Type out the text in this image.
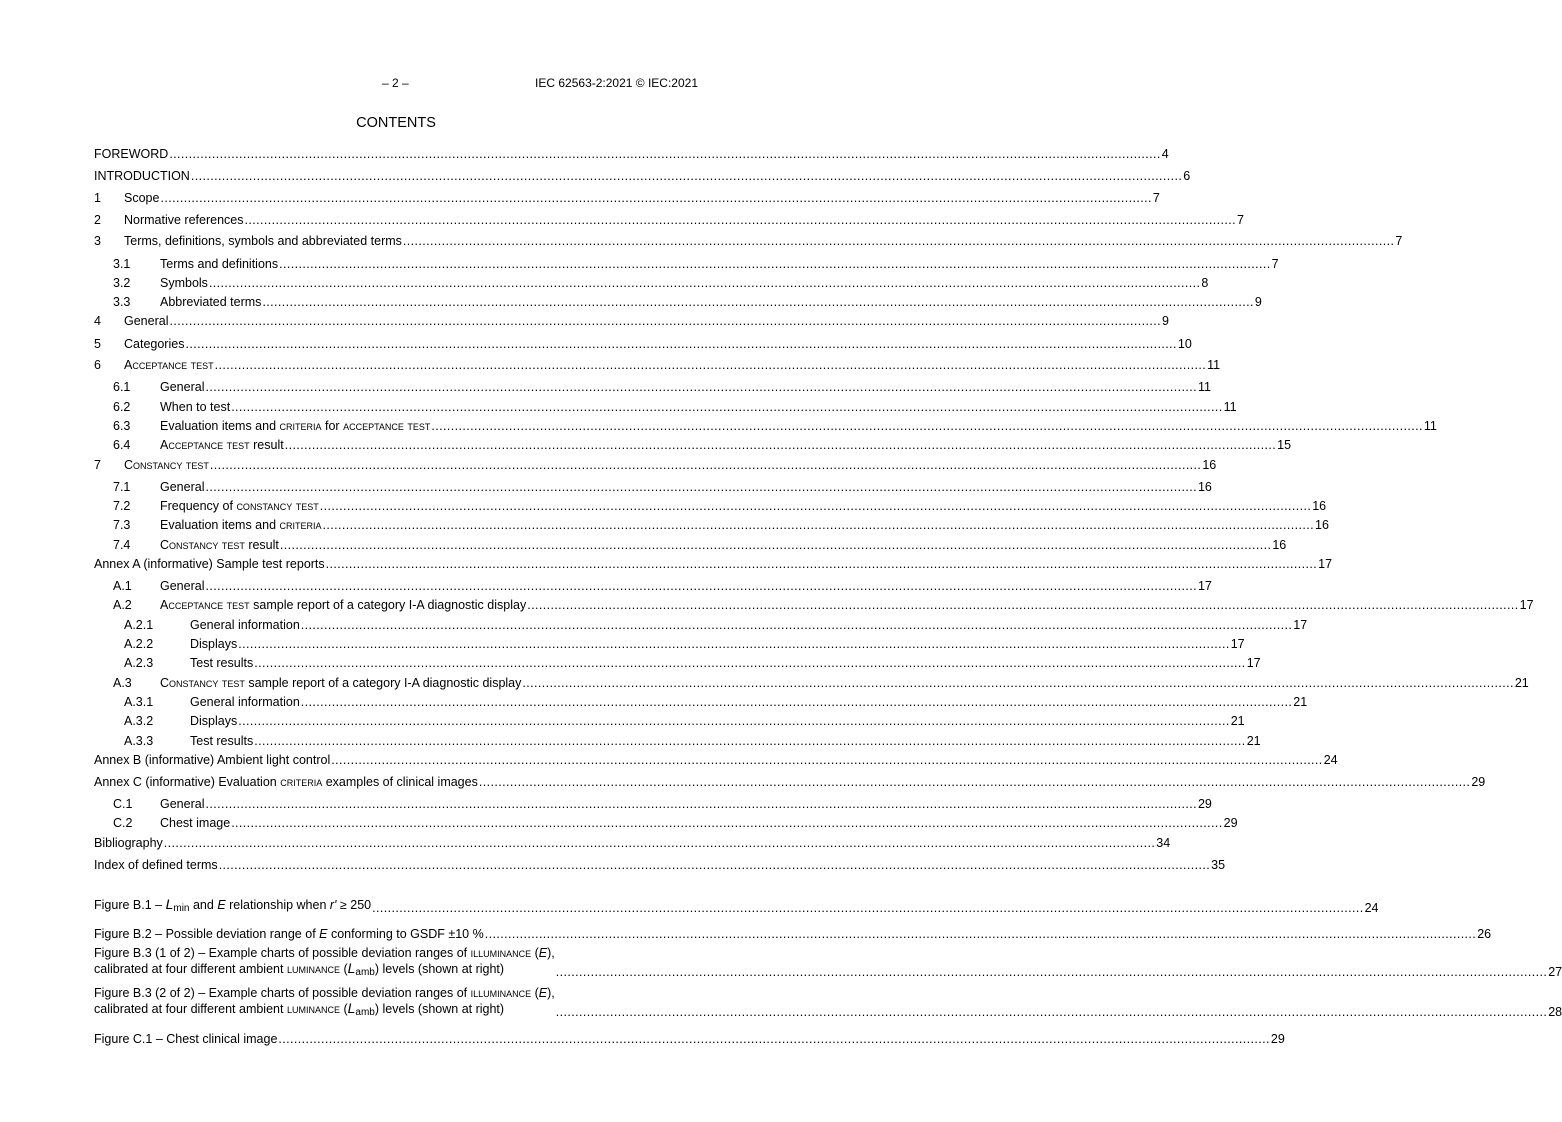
– 2 –	IEC 62563-2:2021 © IEC:2021
CONTENTS
FOREWORD .....	4
INTRODUCTION .....	6
1	Scope .....	7
2	Normative references .....	7
3	Terms, definitions, symbols and abbreviated terms .....	7
3.1	Terms and definitions .....	7
3.2	Symbols .....	8
3.3	Abbreviated terms .....	9
4	General .....	9
5	Categories .....	10
6	Acceptance test .....	11
6.1	General .....	11
6.2	When to test .....	11
6.3	Evaluation items and criteria for acceptance test .....	11
6.4	Acceptance test result .....	15
7	Constancy test .....	16
7.1	General .....	16
7.2	Frequency of constancy test .....	16
7.3	Evaluation items and criteria .....	16
7.4	Constancy test result .....	16
Annex A (informative) Sample test reports .....	17
A.1	General .....	17
A.2	Acceptance test sample report of a category I-A diagnostic display .....	17
A.2.1	General information .....	17
A.2.2	Displays .....	17
A.2.3	Test results .....	17
A.3	Constancy test sample report of a category I-A diagnostic display .....	21
A.3.1	General information .....	21
A.3.2	Displays .....	21
A.3.3	Test results .....	21
Annex B (informative) Ambient light control .....	24
Annex C (informative) Evaluation criteria examples of clinical images .....	29
C.1	General .....	29
C.2	Chest image .....	29
Bibliography .....	34
Index of defined terms .....	35
Figure $B.1 - L_{min}$ and E relationship when r' ≥ 250 .....	24
Figure B.2 – Possible deviation range of E conforming to GSDF ±10 % .....	26
Figure B.3 (1 of 2) – Example charts of possible deviation ranges of illuminance (E),
calibrated at four different ambient luminance $(L_{amb})$ levels (shown at right) .....	27
Figure B.3 (2 of 2) – Example charts of possible deviation ranges of illuminance (E),
calibrated at four different ambient luminance $(L_{amb})$ levels (shown at right) .....	28
Figure C.1 – Chest clinical image .....	29
